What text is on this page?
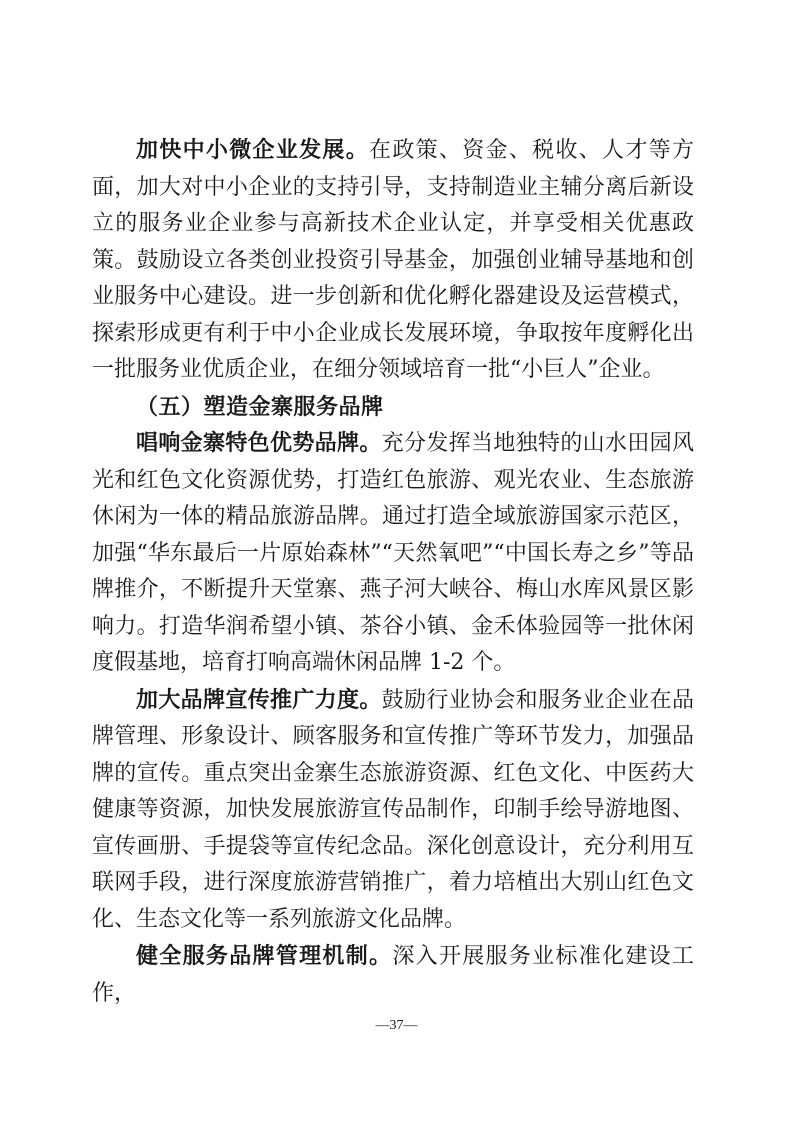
加快中小微企业发展。在政策、资金、税收、人才等方面，加大对中小企业的支持引导，支持制造业主辅分离后新设立的服务业企业参与高新技术企业认定，并享受相关优惠政策。鼓励设立各类创业投资引导基金，加强创业辅导基地和创业服务中心建设。进一步创新和优化孵化器建设及运营模式，探索形成更有利于中小企业成长发展环境，争取按年度孵化出一批服务业优质企业，在细分领域培育一批“小巨人”企业。

（五）塑造金寨服务品牌

唱响金寨特色优势品牌。充分发挥当地独特的山水田园风光和红色文化资源优势，打造红色旅游、观光农业、生态旅游休闲为一体的精品旅游品牌。通过打造全域旅游国家示范区，加强“华东最后一片原始森林”“天然氧吧”“中国长寿之乡”等品牌推介，不断提升天堂寨、燕子河大峡谷、梅山水库风景区影响力。打造华润希望小镇、茶谷小镇、金禾体验园等一批休闲度假基地，培育打响高端休闲品牌 1-2 个。

加大品牌宣传推广力度。鼓励行业协会和服务业企业在品牌管理、形象设计、顾客服务和宣传推广等环节发力，加强品牌的宣传。重点突出金寨生态旅游资源、红色文化、中医药大健康等资源，加快发展旅游宣传品制作，印制手绘导游地图、宣传画册、手提袋等宣传纪念品。深化创意设计，充分利用互联网手段，进行深度旅游营销推广，着力培植出大别山红色文化、生态文化等一系列旅游文化品牌。

健全服务品牌管理机制。深入开展服务业标准化建设工作，

—37—
